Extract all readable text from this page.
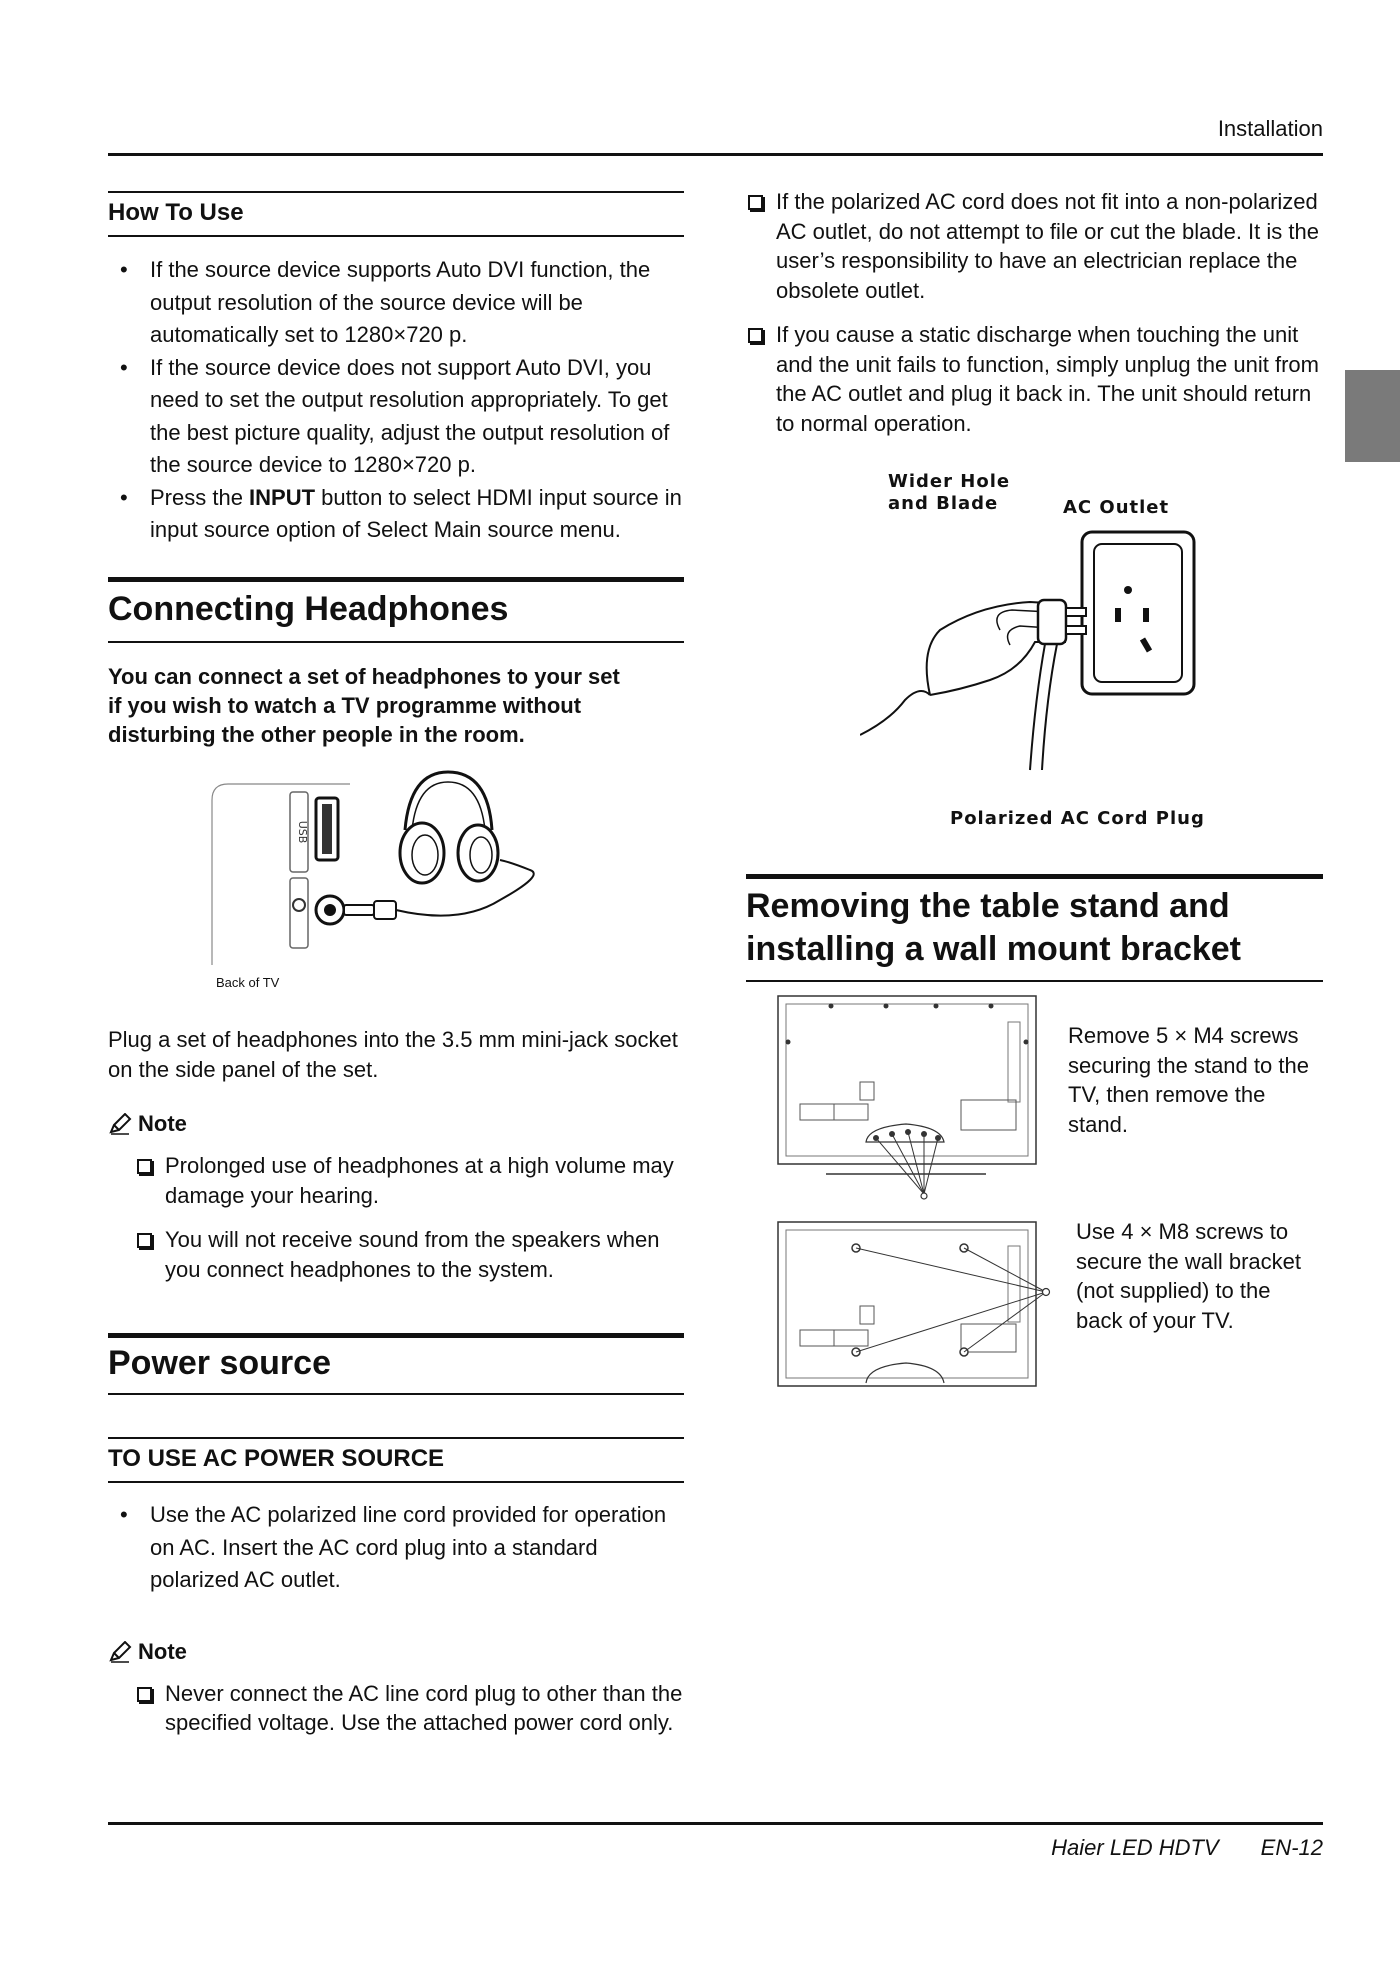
Installation
How To Use
• If the source device supports Auto DVI function, the output resolution of the source device will be automatically set to 1280×720 p.
• If the source device does not support Auto DVI, you need to set the output resolution appropriately. To get the best picture quality, adjust the output resolution of the source device to 1280×720 p.
• Press the INPUT button to select HDMI input source in input source option of Select Main source menu.
Connecting Headphones
You can connect a set of headphones to your set if you wish to watch a TV programme without disturbing the other people in the room.
USB
Back of TV
Plug a set of headphones into the 3.5 mm mini-jack socket on the side panel of the set.
Note
Prolonged use of headphones at a high volume may damage your hearing.
You will not receive sound from the speakers when you connect headphones to the system.
Power source
TO USE AC POWER SOURCE
• Use the AC polarized line cord provided for operation on AC. Insert the AC cord plug into a standard polarized AC outlet.
Note
Never connect the AC line cord plug to other than the specified voltage. Use the attached power cord only.
If the polarized AC cord does not fit into a non-polarized AC outlet, do not attempt to file or cut the blade. It is the user’s responsibility to have an electrician replace the obsolete outlet.
If you cause a static discharge when touching the unit and the unit fails to function, simply unplug the unit from the AC outlet and plug it back in. The unit should return to normal operation.
Wider Hole
and Blade	AC Outlet
Polarized AC Cord Plug
Removing the table stand and
installing a wall mount bracket
Remove 5 × M4 screws securing the stand to the TV, then remove the stand.
Use 4 × M8 screws to secure the wall bracket (not supplied) to the back of your TV.
Haier LED HDTV EN-12
